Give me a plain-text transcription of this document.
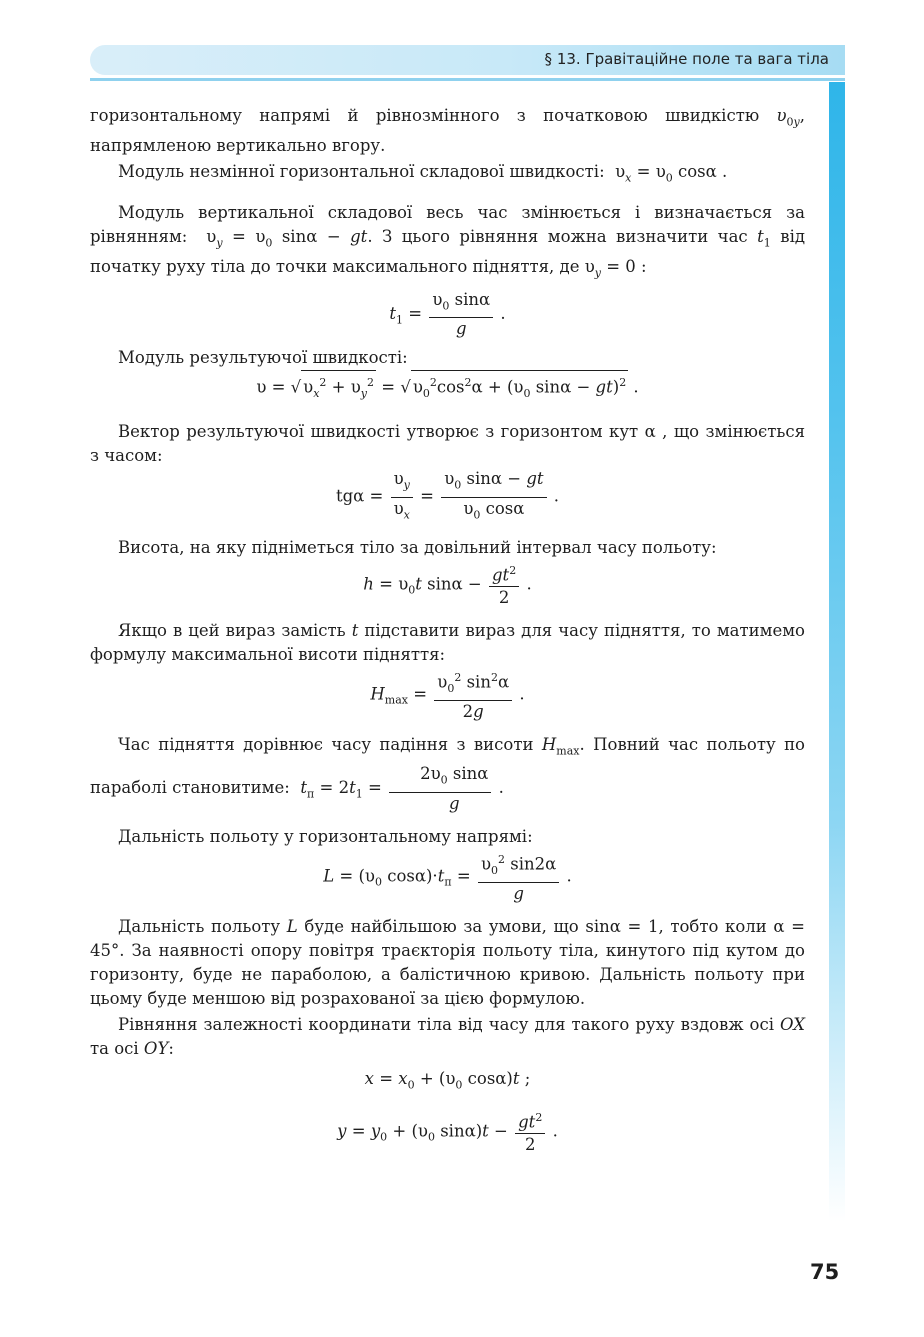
§ 13. Гравітаційне поле та вага тіла

горизонтальному напрямі й рівнозмінного з початковою швидкістю $\upsilon_{0y}$, напрямленою вертикально вгору.

Модуль незмінної горизонтальної складової швидкості:  $\upsilon_x = \upsilon_0$ cosα .

Модуль вертикальної складової весь час змінюється і визначається за рівнянням:  $\upsilon_y = \upsilon_0$ sinα − gt. З цього рівняння можна визначити час $t_1$ від початку руху тіла до точки максимального підняття, де $\upsilon_y = 0$ :

$t_1 = \frac{\upsilon_0 \sin\alpha}{g}$ .

Модуль результуючої швидкості:

υ = √ $\upsilon_x^2 + \upsilon_y^2$ = √ $\upsilon_0^2\cos^2\alpha + (\upsilon_0$ sinα − gt)$^2$ .

Вектор результуючої швидкості утворює з горизонтом кут α , що змінюється з часом:

$tg\alpha = \frac{\upsilon_y}{\upsilon_x} = \frac{\upsilon_0 \sin\alpha - gt}{\upsilon_0 \cos\alpha}$ .

Висота, на яку підніметься тіло за довільний інтервал часу польоту:

$h = \upsilon_0t$ $\sin\alpha - \frac{gt^2}{2}$ .

Якщо в цей вираз замість t підставити вираз для часу підняття, то матимемо формулу максимальної висоти підняття:

$H_{max} = \frac{\upsilon_0^2 \sin^2\alpha}{2g}$ .

Час підняття дорівнює часу падіння з висоти $H_{max}$. Повний час польоту по параболі становитиме: $t_п = 2t_1 = \frac{2\upsilon_0 \sin\alpha}{g}$ .

Дальність польоту у горизонтальному напрямі:

$L = (\upsilon_0$ $\cos\alpha)\cdot t_п = \frac{\upsilon_0^2 \sin 2\alpha}{g}$ .

Дальність польоту L буде найбільшою за умови, що sinα = 1, тобто коли α = 45°. За наявності опору повітря траєкторія польоту тіла, кинутого під кутом до горизонту, буде не параболою, а балістичною кривою. Дальність польоту при цьому буде меншою від розрахованої за цією формулою.

Рівняння залежності координати тіла від часу для такого руху вздовж осі OX та осі OY:

$x = x_0 + (\upsilon_0$ cosα)t ;
$y = y_0 + (\upsilon_0$ $\sin\alpha)t - \frac{gt^2}{2}$ .
75
